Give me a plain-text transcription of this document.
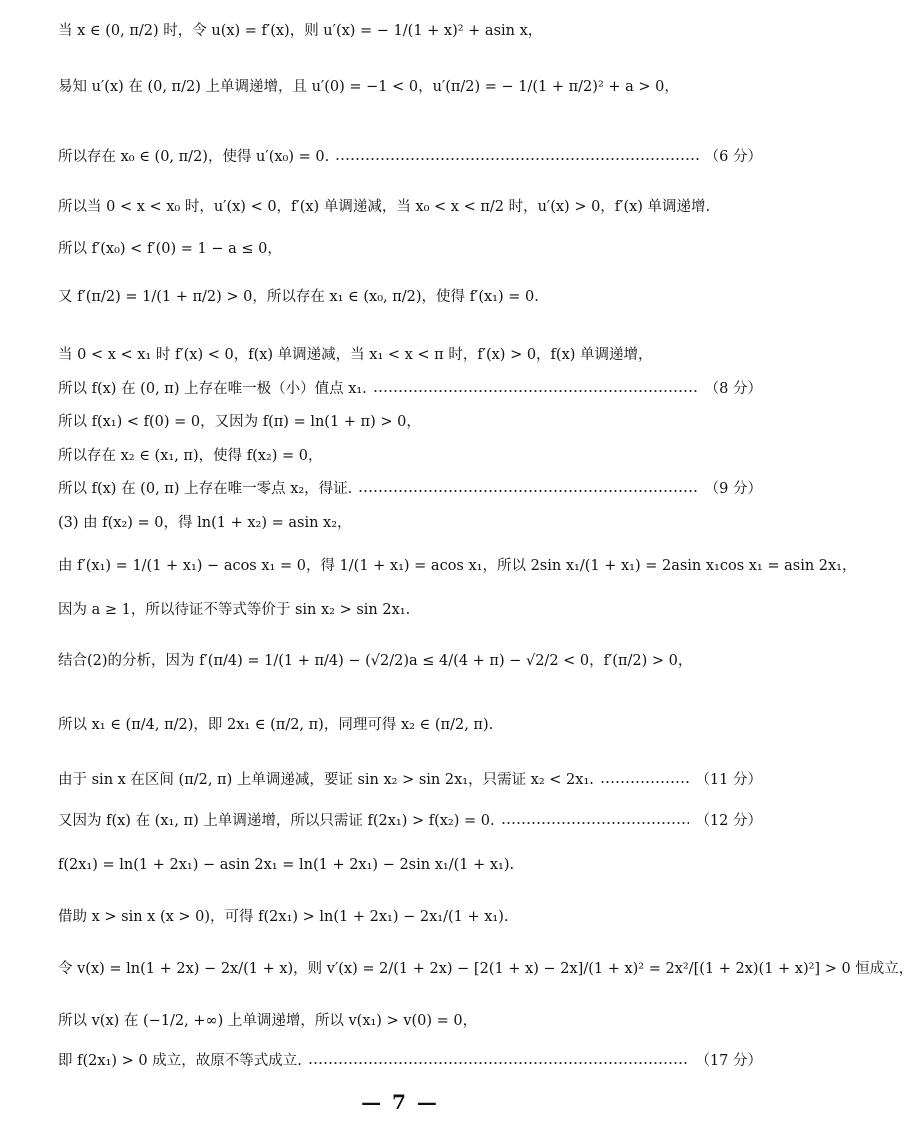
当 x ∈ (0, π/2) 时，令 u(x) = f′(x)，则 u′(x) = − 1/(1 + x)² + asin x，
易知 u′(x) 在 (0, π/2) 上单调递增，且 u′(0) = −1 < 0，u′(π/2) = − 1/(1 + π/2)² + a > 0，
所以存在 x₀ ∈ (0, π/2)，使得 u′(x₀) = 0.	（6 分）
所以当 0 < x < x₀ 时，u′(x) < 0，f′(x) 单调递减，当 x₀ < x < π/2 时，u′(x) > 0，f′(x) 单调递增.
所以 f′(x₀) < f′(0) = 1 − a ≤ 0，
又 f′(π/2) = 1/(1 + π/2) > 0，所以存在 x₁ ∈ (x₀, π/2)，使得 f′(x₁) = 0.
当 0 < x < x₁ 时 f′(x) < 0，f(x) 单调递减，当 x₁ < x < π 时，f′(x) > 0，f(x) 单调递增，
所以 f(x) 在 (0, π) 上存在唯一极（小）值点 x₁.	（8 分）
所以 f(x₁) < f(0) = 0，又因为 f(π) = ln(1 + π) > 0，
所以存在 x₂ ∈ (x₁, π)，使得 f(x₂) = 0，
所以 f(x) 在 (0, π) 上存在唯一零点 x₂，得证.	（9 分）
(3) 由 f(x₂) = 0，得 ln(1 + x₂) = asin x₂，
由 f′(x₁) = 1/(1 + x₁) − acos x₁ = 0，得 1/(1 + x₁) = acos x₁，所以 2sin x₁/(1 + x₁) = 2asin x₁cos x₁ = asin 2x₁，
因为 a ≥ 1，所以待证不等式等价于 sin x₂ > sin 2x₁.
结合(2)的分析，因为 f′(π/4) = 1/(1 + π/4) − (√2/2)a ≤ 4/(4 + π) − √2/2 < 0，f′(π/2) > 0，
所以 x₁ ∈ (π/4, π/2)，即 2x₁ ∈ (π/2, π)，同理可得 x₂ ∈ (π/2, π).
由于 sin x 在区间 (π/2, π) 上单调递减，要证 sin x₂ > sin 2x₁，只需证 x₂ < 2x₁.	（11 分）
又因为 f(x) 在 (x₁, π) 上单调递增，所以只需证 f(2x₁) > f(x₂) = 0.	（12 分）
f(2x₁) = ln(1 + 2x₁) − asin 2x₁ = ln(1 + 2x₁) − 2sin x₁/(1 + x₁).
借助 x > sin x (x > 0)，可得 f(2x₁) > ln(1 + 2x₁) − 2x₁/(1 + x₁).
令 v(x) = ln(1 + 2x) − 2x/(1 + x)，则 v′(x) = 2/(1 + 2x) − [2(1 + x) − 2x]/(1 + x)² = 2x²/[(1 + 2x)(1 + x)²] > 0 恒成立，
所以 v(x) 在 (−1/2, +∞) 上单调递增，所以 v(x₁) > v(0) = 0，
即 f(2x₁) > 0 成立，故原不等式成立.	（17 分）
— 7 —
